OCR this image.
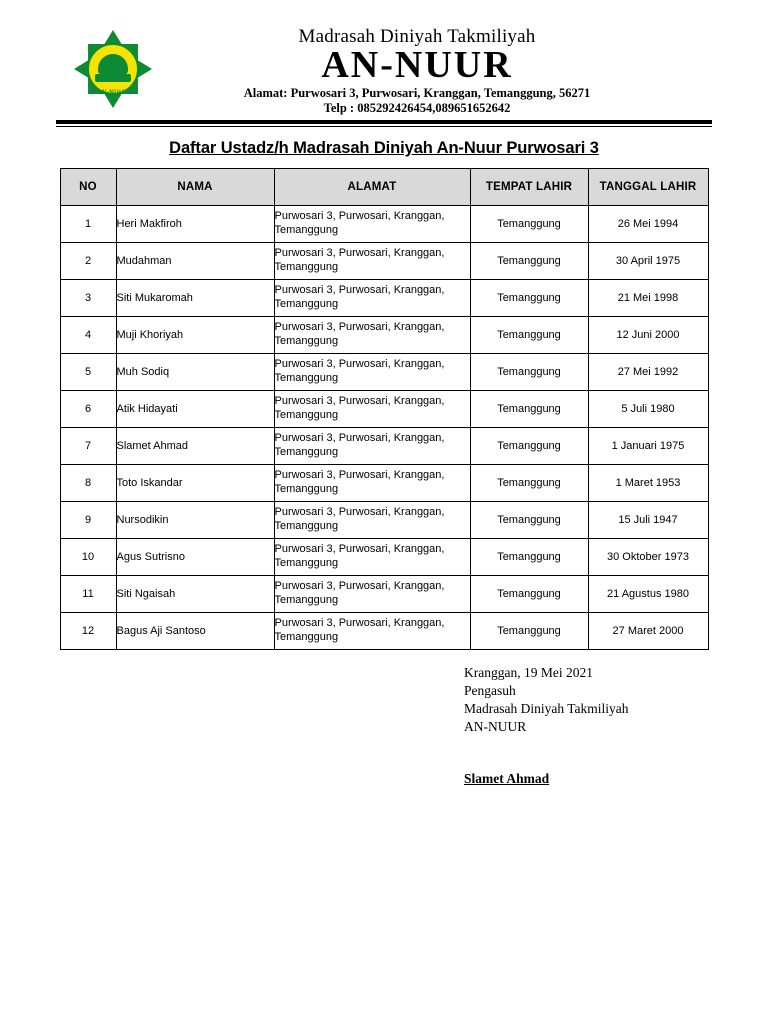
AN-NUUR
Madrasah Diniyah Takmiliyah
AN-NUUR
Alamat: Purwosari 3, Purwosari, Kranggan, Temanggung, 56271
Telp : 085292426454,089651652642
Daftar Ustadz/h Madrasah Diniyah An-Nuur Purwosari 3
NO	NAMA	ALAMAT	TEMPAT LAHIR	TANGGAL LAHIR
1	Heri Makfiroh	Purwosari 3, Purwosari, Kranggan, Temanggung	Temanggung	26 Mei 1994
2	Mudahman	Purwosari 3, Purwosari, Kranggan, Temanggung	Temanggung	30 April 1975
3	Siti Mukaromah	Purwosari 3, Purwosari, Kranggan, Temanggung	Temanggung	21 Mei 1998
4	Muji Khoriyah	Purwosari 3, Purwosari, Kranggan, Temanggung	Temanggung	12 Juni 2000
5	Muh Sodiq	Purwosari 3, Purwosari, Kranggan, Temanggung	Temanggung	27 Mei 1992
6	Atik Hidayati	Purwosari 3, Purwosari, Kranggan, Temanggung	Temanggung	5 Juli 1980
7	Slamet Ahmad	Purwosari 3, Purwosari, Kranggan, Temanggung	Temanggung	1 Januari 1975
8	Toto Iskandar	Purwosari 3, Purwosari, Kranggan, Temanggung	Temanggung	1 Maret 1953
9	Nursodikin	Purwosari 3, Purwosari, Kranggan, Temanggung	Temanggung	15 Juli 1947
10	Agus Sutrisno	Purwosari 3, Purwosari, Kranggan, Temanggung	Temanggung	30 Oktober 1973
11	Siti Ngaisah	Purwosari 3, Purwosari, Kranggan, Temanggung	Temanggung	21 Agustus 1980
12	Bagus Aji Santoso	Purwosari 3, Purwosari, Kranggan, Temanggung	Temanggung	27 Maret 2000
Kranggan, 19 Mei 2021
Pengasuh
Madrasah Diniyah Takmiliyah
AN-NUUR
Slamet Ahmad
